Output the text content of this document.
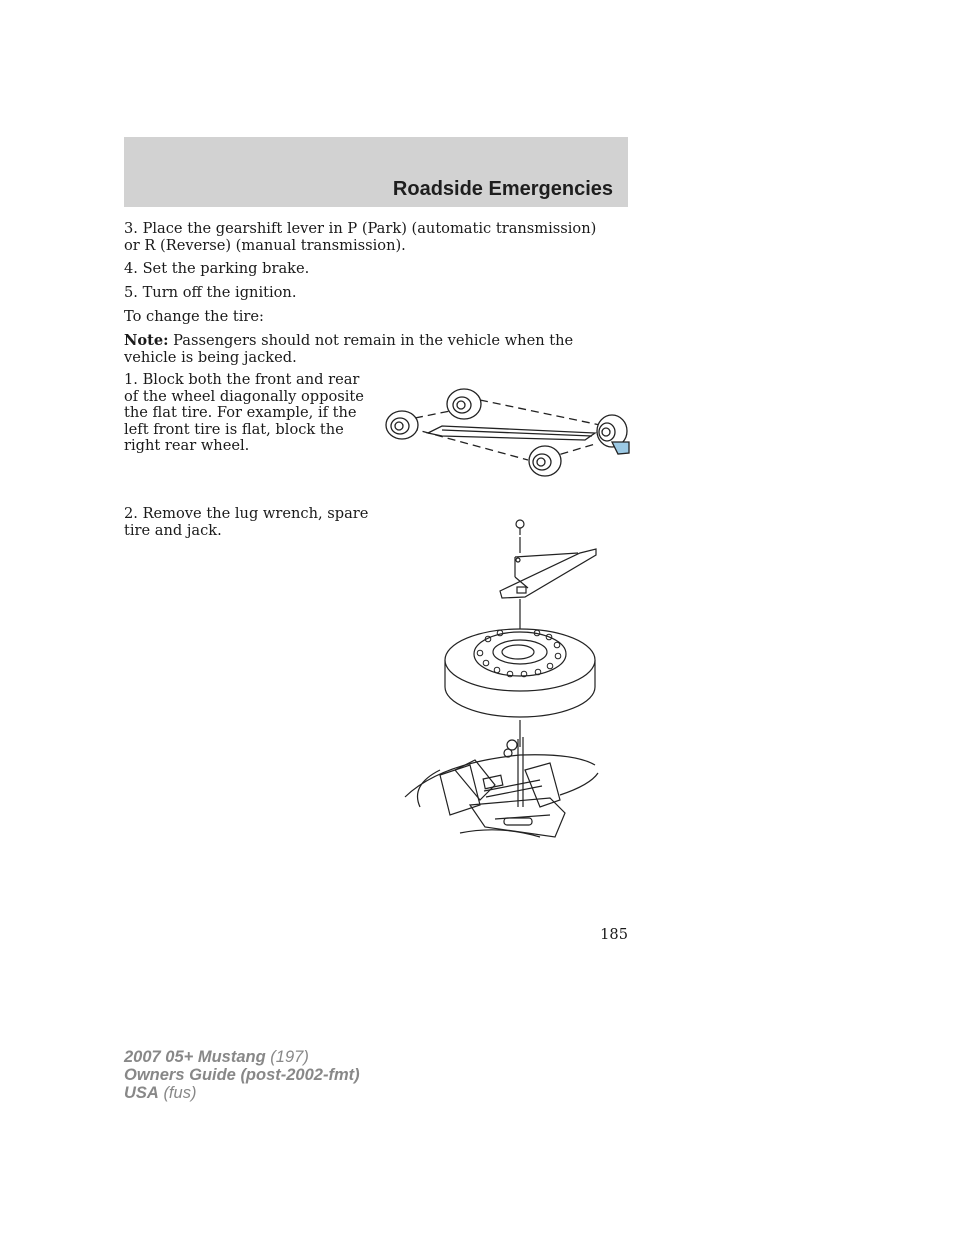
Roadside Emergencies

3. Place the gearshift lever in P (Park) (automatic transmission) or R (Reverse) (manual transmission).

4. Set the parking brake.

5. Turn off the ignition.

To change the tire:

Note: Passengers should not remain in the vehicle when the vehicle is being jacked.

1. Block both the front and rear of the wheel diagonally opposite the flat tire. For example, if the left front tire is flat, block the right rear wheel.

2. Remove the lug wrench, spare tire and jack.

185
2007 05+ Mustang (197)
Owners Guide (post-2002-fmt)
USA (fus)
